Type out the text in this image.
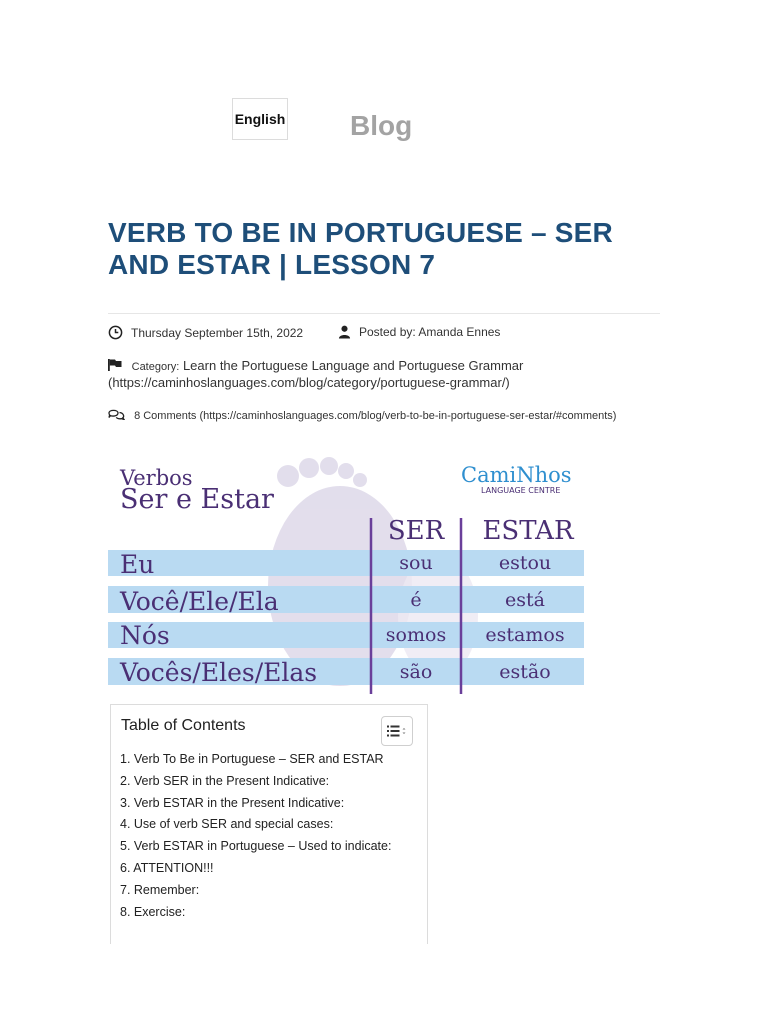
English Blog
VERB TO BE IN PORTUGUESE – SER AND ESTAR | LESSON 7
Thursday September 15th, 2022	Posted by: Amanda Ennes
Category: Learn the Portuguese Language and Portuguese Grammar (https://caminhoslanguages.com/blog/category/portuguese-grammar/)
8 Comments (https://caminhoslanguages.com/blog/verb-to-be-in-portuguese-ser-estar/#comments)
Verbos
Ser e Estar
CamiNhos
LANGUAGE CENTRE
SER ESTAR
Eu	sou	estou
Você/Ele/Ela	é	está
Nós	somos estamos
Vocês/Eles/Elas	são	estão
Table of Contents
1. Verb To Be in Portuguese – SER and ESTAR
2. Verb SER in the Present Indicative:
3. Verb ESTAR in the Present Indicative:
4. Use of verb SER and special cases:
5. Verb ESTAR in Portuguese – Used to indicate:
6. ATTENTION!!!
7. Remember:
8. Exercise:
